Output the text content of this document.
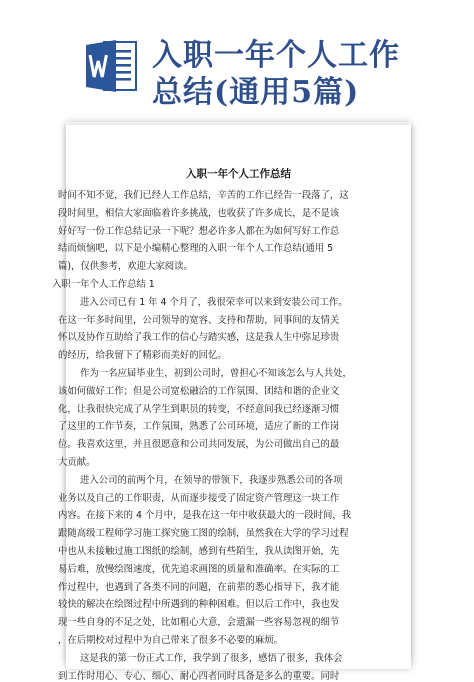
入职一年个人工作
总结(通用5篇)
入职一年个人工作总结

时间不知不觉，我们已经人工作总结，辛苦的工作已经告一段落了，这

段时间里，相信大家面临着许多挑战，也收获了许多成长，是不是该

好好写一份工作总结记录一下呢？想必许多人都在为如何写好工作总

结而烦恼吧，以下是小编精心整理的入职一年个人工作总结(通用 5

篇)，仅供参考，欢迎大家阅读。

入职一年个人工作总结 1

进入公司已有 1 年 4 个月了，我很荣幸可以来到安装公司工作。

在这一年多时间里，公司领导的宽容、支持和帮助，同事间的友情关

怀以及协作互助给了我工作的信心与踏实感，这是我人生中弥足珍贵

的经历，给我留下了精彩而美好的回忆。

作为一名应届毕业生，初到公司时，曾担心不知该怎么与人共处，

该如何做好工作；但是公司宽松融洽的工作氛围、团结和谐的企业文

化，让我很快完成了从学生到职员的转变，不经意间我已经逐渐习惯

了这里的工作节奏，工作氛围，熟悉了公司环境，适应了新的工作岗

位。我喜欢这里，并且很愿意和公司共同发展，为公司做出自己的最

大贡献。

进入公司的前两个月，在领导的带领下，我逐步熟悉公司的各项

业务以及自己的工作职责，从而逐步接受了固定资产管理这一块工作

内容。在接下来的 4 个月中，是我在这一年中收获最大的一段时间，我

跟随高级工程师学习施工探究施工图的绘制，虽然我在大学的学习过程

中也从未接触过施工图纸的绘制，感到有些陌生，我从读图开始，先

易后难，放慢绘图速度，优先追求画图的质量和准确率。在实际的工

作过程中，也遇到了各类不同的问题，在前辈的悉心指导下，我才能

较快的解决在绘图过程中所遇到的种种困难。但以后工作中，我也发

现一些自身的不足之处，比如粗心大意，会遗漏一些容易忽视的细节

，在后期校对过程中为自己带来了很多不必要的麻烦。

这是我的第一份正式工作，我学到了很多，感悟了很多，我体会

到工作时用心、专心、细心、耐心四者同时具备是多么的重要。同时
